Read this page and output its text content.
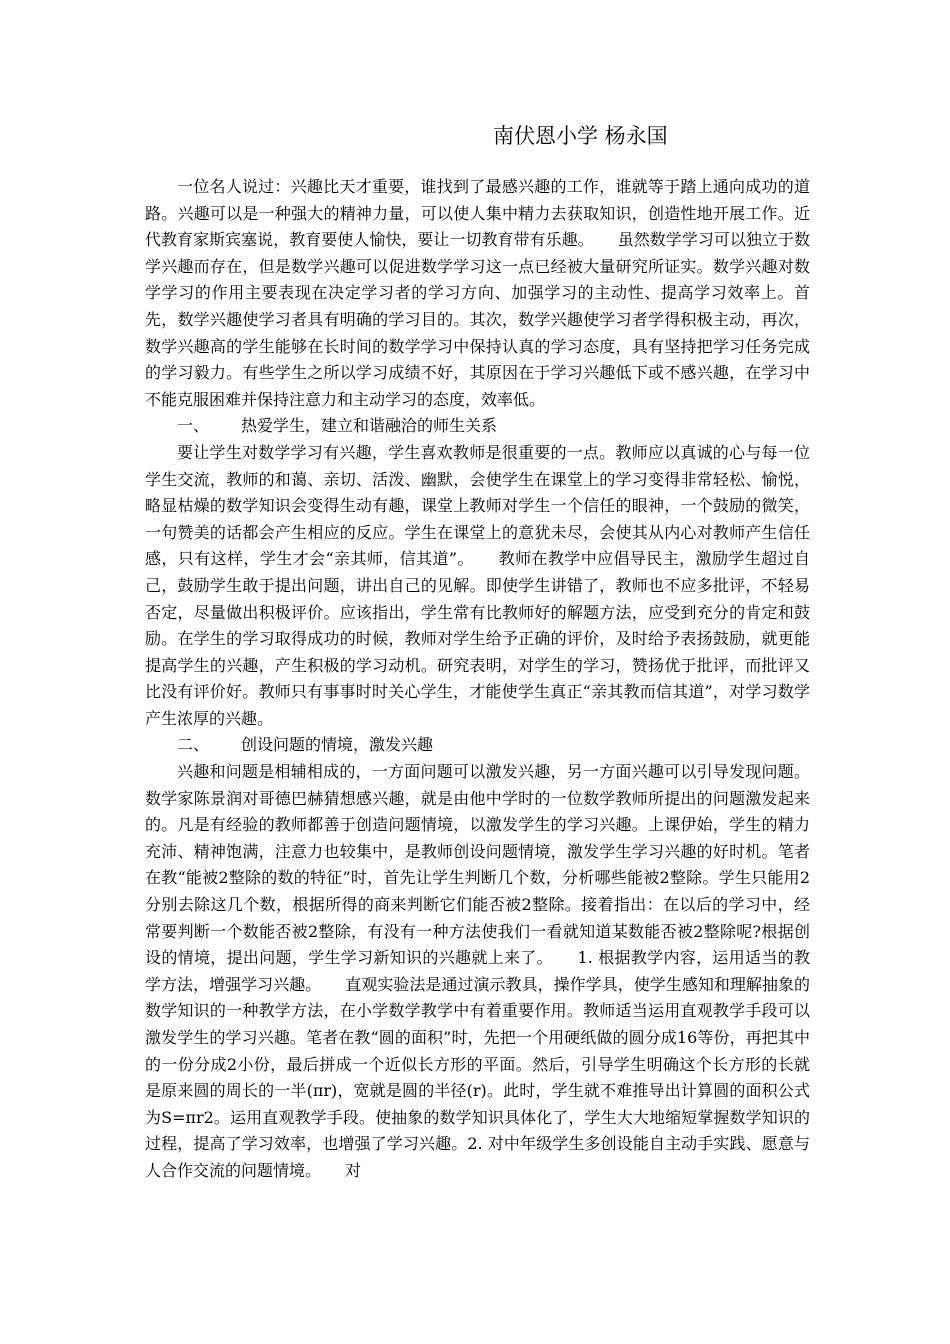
南伏恩小学 杨永国

一位名人说过：兴趣比天才重要，谁找到了最感兴趣的工作，谁就等于踏上通向成功的道路。兴趣可以是一种强大的精神力量，可以使人集中精力去获取知识，创造性地开展工作。近代教育家斯宾塞说，教育要使人愉快，要让一切教育带有乐趣。　　虽然数学学习可以独立于数学兴趣而存在，但是数学兴趣可以促进数学学习这一点已经被大量研究所证实。数学兴趣对数学学习的作用主要表现在决定学习者的学习方向、加强学习的主动性、提高学习效率上。首先，数学兴趣使学习者具有明确的学习目的。其次，数学兴趣使学习者学得积极主动，再次，数学兴趣高的学生能够在长时间的数学学习中保持认真的学习态度，具有坚持把学习任务完成的学习毅力。有些学生之所以学习成绩不好，其原因在于学习兴趣低下或不感兴趣，在学习中不能克服困难并保持注意力和主动学习的态度，效率低。

一、 热爱学生，建立和谐融洽的师生关系

要让学生对数学学习有兴趣，学生喜欢教师是很重要的一点。教师应以真诚的心与每一位学生交流，教师的和蔼、亲切、活泼、幽默，会使学生在课堂上的学习变得非常轻松、愉悦，略显枯燥的数学知识会变得生动有趣，课堂上教师对学生一个信任的眼神，一个鼓励的微笑，一句赞美的话都会产生相应的反应。学生在课堂上的意犹未尽，会使其从内心对教师产生信任感，只有这样，学生才会“亲其师，信其道”。　　教师在教学中应倡导民主，激励学生超过自己，鼓励学生敢于提出问题，讲出自己的见解。即使学生讲错了，教师也不应多批评，不轻易否定，尽量做出积极评价。应该指出，学生常有比教师好的解题方法，应受到充分的肯定和鼓励。在学生的学习取得成功的时候，教师对学生给予正确的评价，及时给予表扬鼓励，就更能提高学生的兴趣，产生积极的学习动机。研究表明，对学生的学习，赞扬优于批评，而批评又比没有评价好。教师只有事事时时关心学生，才能使学生真正“亲其教而信其道”，对学习数学产生浓厚的兴趣。

二、 创设问题的情境，激发兴趣

兴趣和问题是相辅相成的，一方面问题可以激发兴趣，另一方面兴趣可以引导发现问题。数学家陈景润对哥德巴赫猜想感兴趣，就是由他中学时的一位数学教师所提出的问题激发起来的。凡是有经验的教师都善于创造问题情境，以激发学生的学习兴趣。上课伊始，学生的精力充沛、精神饱满，注意力也较集中，是教师创设问题情境，激发学生学习兴趣的好时机。笔者在教“能被2整除的数的特征”时，首先让学生判断几个数，分析哪些能被2整除。学生只能用2分别去除这几个数，根据所得的商来判断它们能否被2整除。接着指出：在以后的学习中，经常要判断一个数能否被2整除，有没有一种方法使我们一看就知道某数能否被2整除呢?根据创设的情境，提出问题，学生学习新知识的兴趣就上来了。　　1. 根据教学内容，运用适当的教学方法，增强学习兴趣。　　直观实验法是通过演示教具，操作学具，使学生感知和理解抽象的数学知识的一种教学方法，在小学数学教学中有着重要作用。教师适当运用直观教学手段可以激发学生的学习兴趣。笔者在教“圆的面积”时，先把一个用硬纸做的圆分成16等份，再把其中的一份分成2小份，最后拼成一个近似长方形的平面。然后，引导学生明确这个长方形的长就是原来圆的周长的一半(πr)，宽就是圆的半径(r)。此时，学生就不难推导出计算圆的面积公式为S=πr2。运用直观教学手段。使抽象的数学知识具体化了，学生大大地缩短掌握数学知识的过程，提高了学习效率，也增强了学习兴趣。2. 对中年级学生多创设能自主动手实践、愿意与人合作交流的问题情境。　　对
